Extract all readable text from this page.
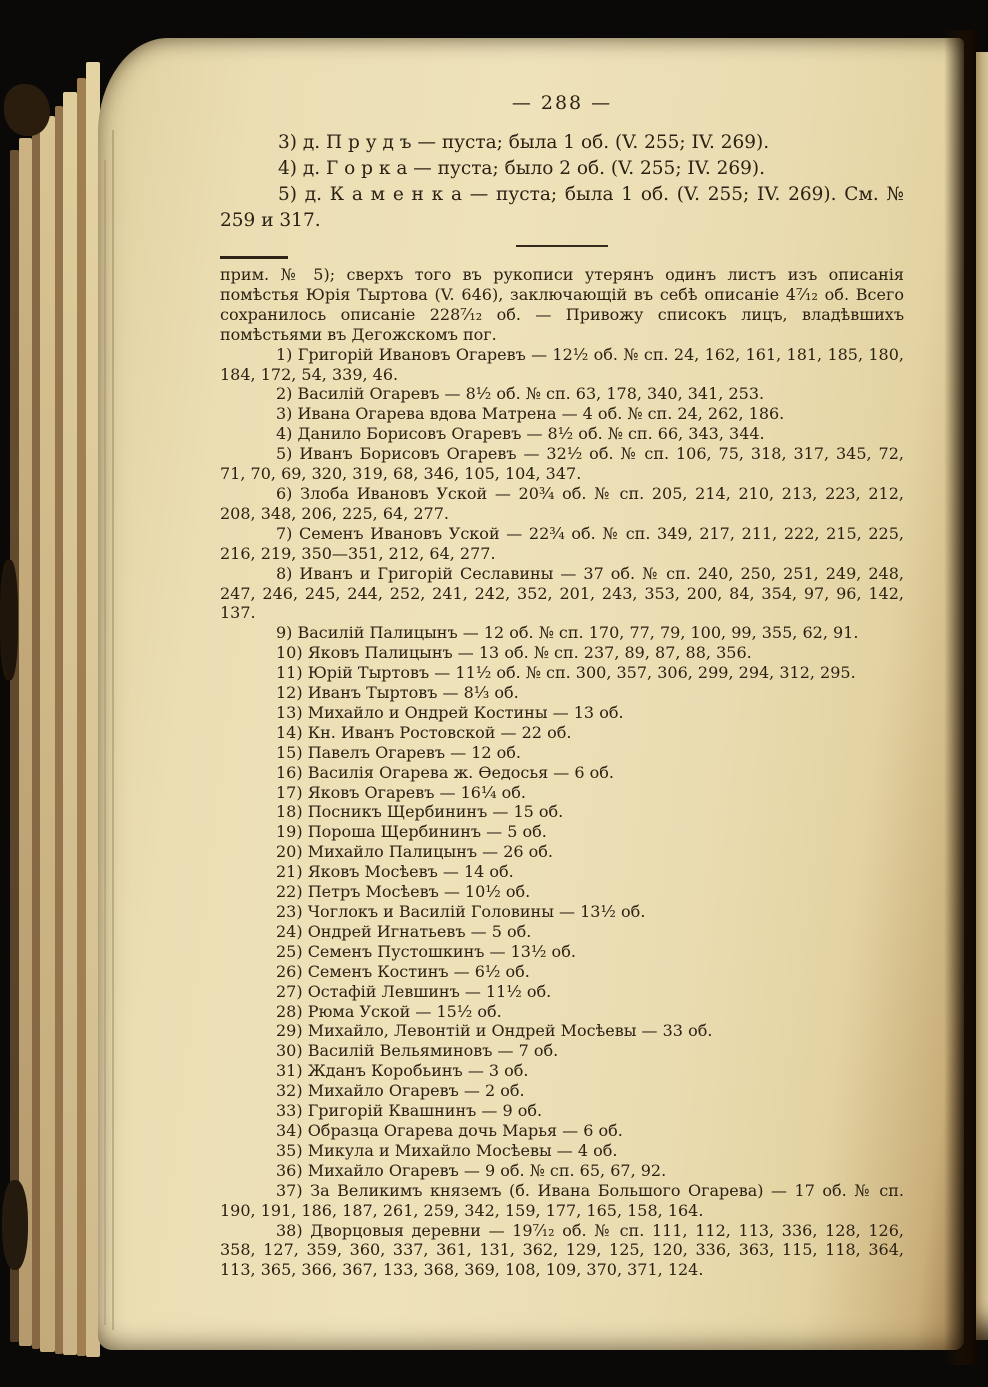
— 288 —

3) д. П р у д ъ — пуста; была 1 об. (V. 255; IV. 269).

4) д. Г о р к а — пуста; было 2 об. (V. 255; IV. 269).

5) д. К а м е н к а — пуста; была 1 об. (V. 255; IV. 269). См. № 259 и 317.

прим. № 5); сверхъ того въ рукописи утерянъ одинъ листъ изъ описанія помѣстья Юрія Тыртова (V. 646), заключающій въ себѣ описаніе 4⁷⁄₁₂ об. Всего сохранилось описаніе 228⁷⁄₁₂ об. — Привожу списокъ лицъ, владѣвшихъ помѣстьями въ Дегожскомъ пог.

1) Григорій Ивановъ Огаревъ — 12¹⁄₂ об. № сп. 24, 162, 161, 181, 185, 180, 184, 172, 54, 339, 46.

2) Василій Огаревъ — 8¹⁄₂ об. № сп. 63, 178, 340, 341, 253.

3) Ивана Огарева вдова Матрена — 4 об. № сп. 24, 262, 186.

4) Данило Борисовъ Огаревъ — 8¹⁄₂ об. № сп. 66, 343, 344.

5) Иванъ Борисовъ Огаревъ — 32¹⁄₂ об. № сп. 106, 75, 318, 317, 345, 72, 71, 70, 69, 320, 319, 68, 346, 105, 104, 347.

6) Злоба Ивановъ Уской — 20³⁄₄ об. № сп. 205, 214, 210, 213, 223, 212, 208, 348, 206, 225, 64, 277.

7) Семенъ Ивановъ Уской — 22³⁄₄ об. № сп. 349, 217, 211, 222, 215, 225, 216, 219, 350—351, 212, 64, 277.

8) Иванъ и Григорій Сеславины — 37 об. № сп. 240, 250, 251, 249, 248, 247, 246, 245, 244, 252, 241, 242, 352, 201, 243, 353, 200, 84, 354, 97, 96, 142, 137.

9) Василій Палицынъ — 12 об. № сп. 170, 77, 79, 100, 99, 355, 62, 91.

10) Яковъ Палицынъ — 13 об. № сп. 237, 89, 87, 88, 356.

11) Юрій Тыртовъ — 11¹⁄₂ об. № сп. 300, 357, 306, 299, 294, 312, 295.

12) Иванъ Тыртовъ — 8¹⁄₃ об.

13) Михайло и Ондрей Костины — 13 об.

14) Кн. Иванъ Ростовской — 22 об.

15) Павелъ Огаревъ — 12 об.

16) Василія Огарева ж. Ѳедосья — 6 об.

17) Яковъ Огаревъ — 16¹⁄₄ об.

18) Посникъ Щербининъ — 15 об.

19) Пороша Щербининъ — 5 об.

20) Михайло Палицынъ — 26 об.

21) Яковъ Мосѣевъ — 14 об.

22) Петръ Мосѣевъ — 10¹⁄₂ об.

23) Чоглокъ и Василій Головины — 13¹⁄₂ об.

24) Ондрей Игнатьевъ — 5 об.

25) Семенъ Пустошкинъ — 13¹⁄₂ об.

26) Семенъ Костинъ — 6¹⁄₂ об.

27) Остафій Левшинъ — 11¹⁄₂ об.

28) Рюма Уской — 15¹⁄₂ об.

29) Михайло, Левонтій и Ондрей Мосѣевы — 33 об.

30) Василій Вельяминовъ — 7 об.

31) Жданъ Коробьинъ — 3 об.

32) Михайло Огаревъ — 2 об.

33) Григорій Квашнинъ — 9 об.

34) Образца Огарева дочь Марья — 6 об.

35) Микула и Михайло Мосѣевы — 4 об.

36) Михайло Огаревъ — 9 об. № сп. 65, 67, 92.

37) За Великимъ княземъ (б. Ивана Большого Огарева) — 17 об. № сп. 190, 191, 186, 187, 261, 259, 342, 159, 177, 165, 158, 164.

38) Дворцовыя деревни — 19⁷⁄₁₂ об. № сп. 111, 112, 113, 336, 128, 126, 358, 127, 359, 360, 337, 361, 131, 362, 129, 125, 120, 336, 363, 115, 118, 364, 113, 365, 366, 367, 133, 368, 369, 108, 109, 370, 371, 124.
